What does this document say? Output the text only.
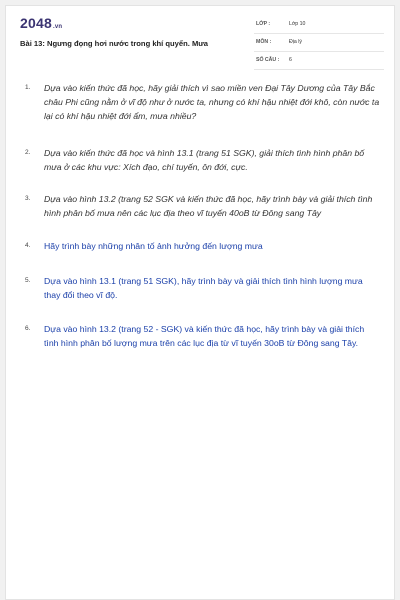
2048.vn
Bài 13: Ngưng đọng hơi nước trong khí quyển. Mưa
LỚP :	Lớp 10
MÔN :	Địa lý
SỐ CÂU : 6
1. Dựa vào kiến thức đã học, hãy giải thích vì sao miền ven Đại Tây Dương của Tây Bắc châu Phi cũng nằm ở vĩ độ như ở nước ta, nhưng có khí hậu nhiệt đới khô, còn nước ta lại có khí hậu nhiệt đới ẩm, mưa nhiều?
2. Dựa vào kiến thức đã học và hình 13.1 (trang 51 SGK), giải thích tình hình phân bố mưa ở các khu vực: Xích đạo, chí tuyến, ôn đới, cực.
3. Dựa vào hình 13.2 (trang 52 SGK và kiến thức đã học, hãy trình bày và giải thích tình hình phân bố mưa nên các lục địa theo vĩ tuyến 40oB từ Đông sang Tây
4. Hãy trình bày những nhân tố ảnh hưởng đến lượng mưa
5. Dựa vào hình 13.1 (trang 51 SGK), hãy trình bày và giải thích tình hình lượng mưa thay đổi theo vĩ độ.
6. Dựa vào hình 13.2 (trang 52 - SGK) và kiến thức đã học, hãy trình bày và giải thích tình hình phân bố lượng mưa trên các lục địa từ vĩ tuyến 30oB từ Đông sang Tây.
